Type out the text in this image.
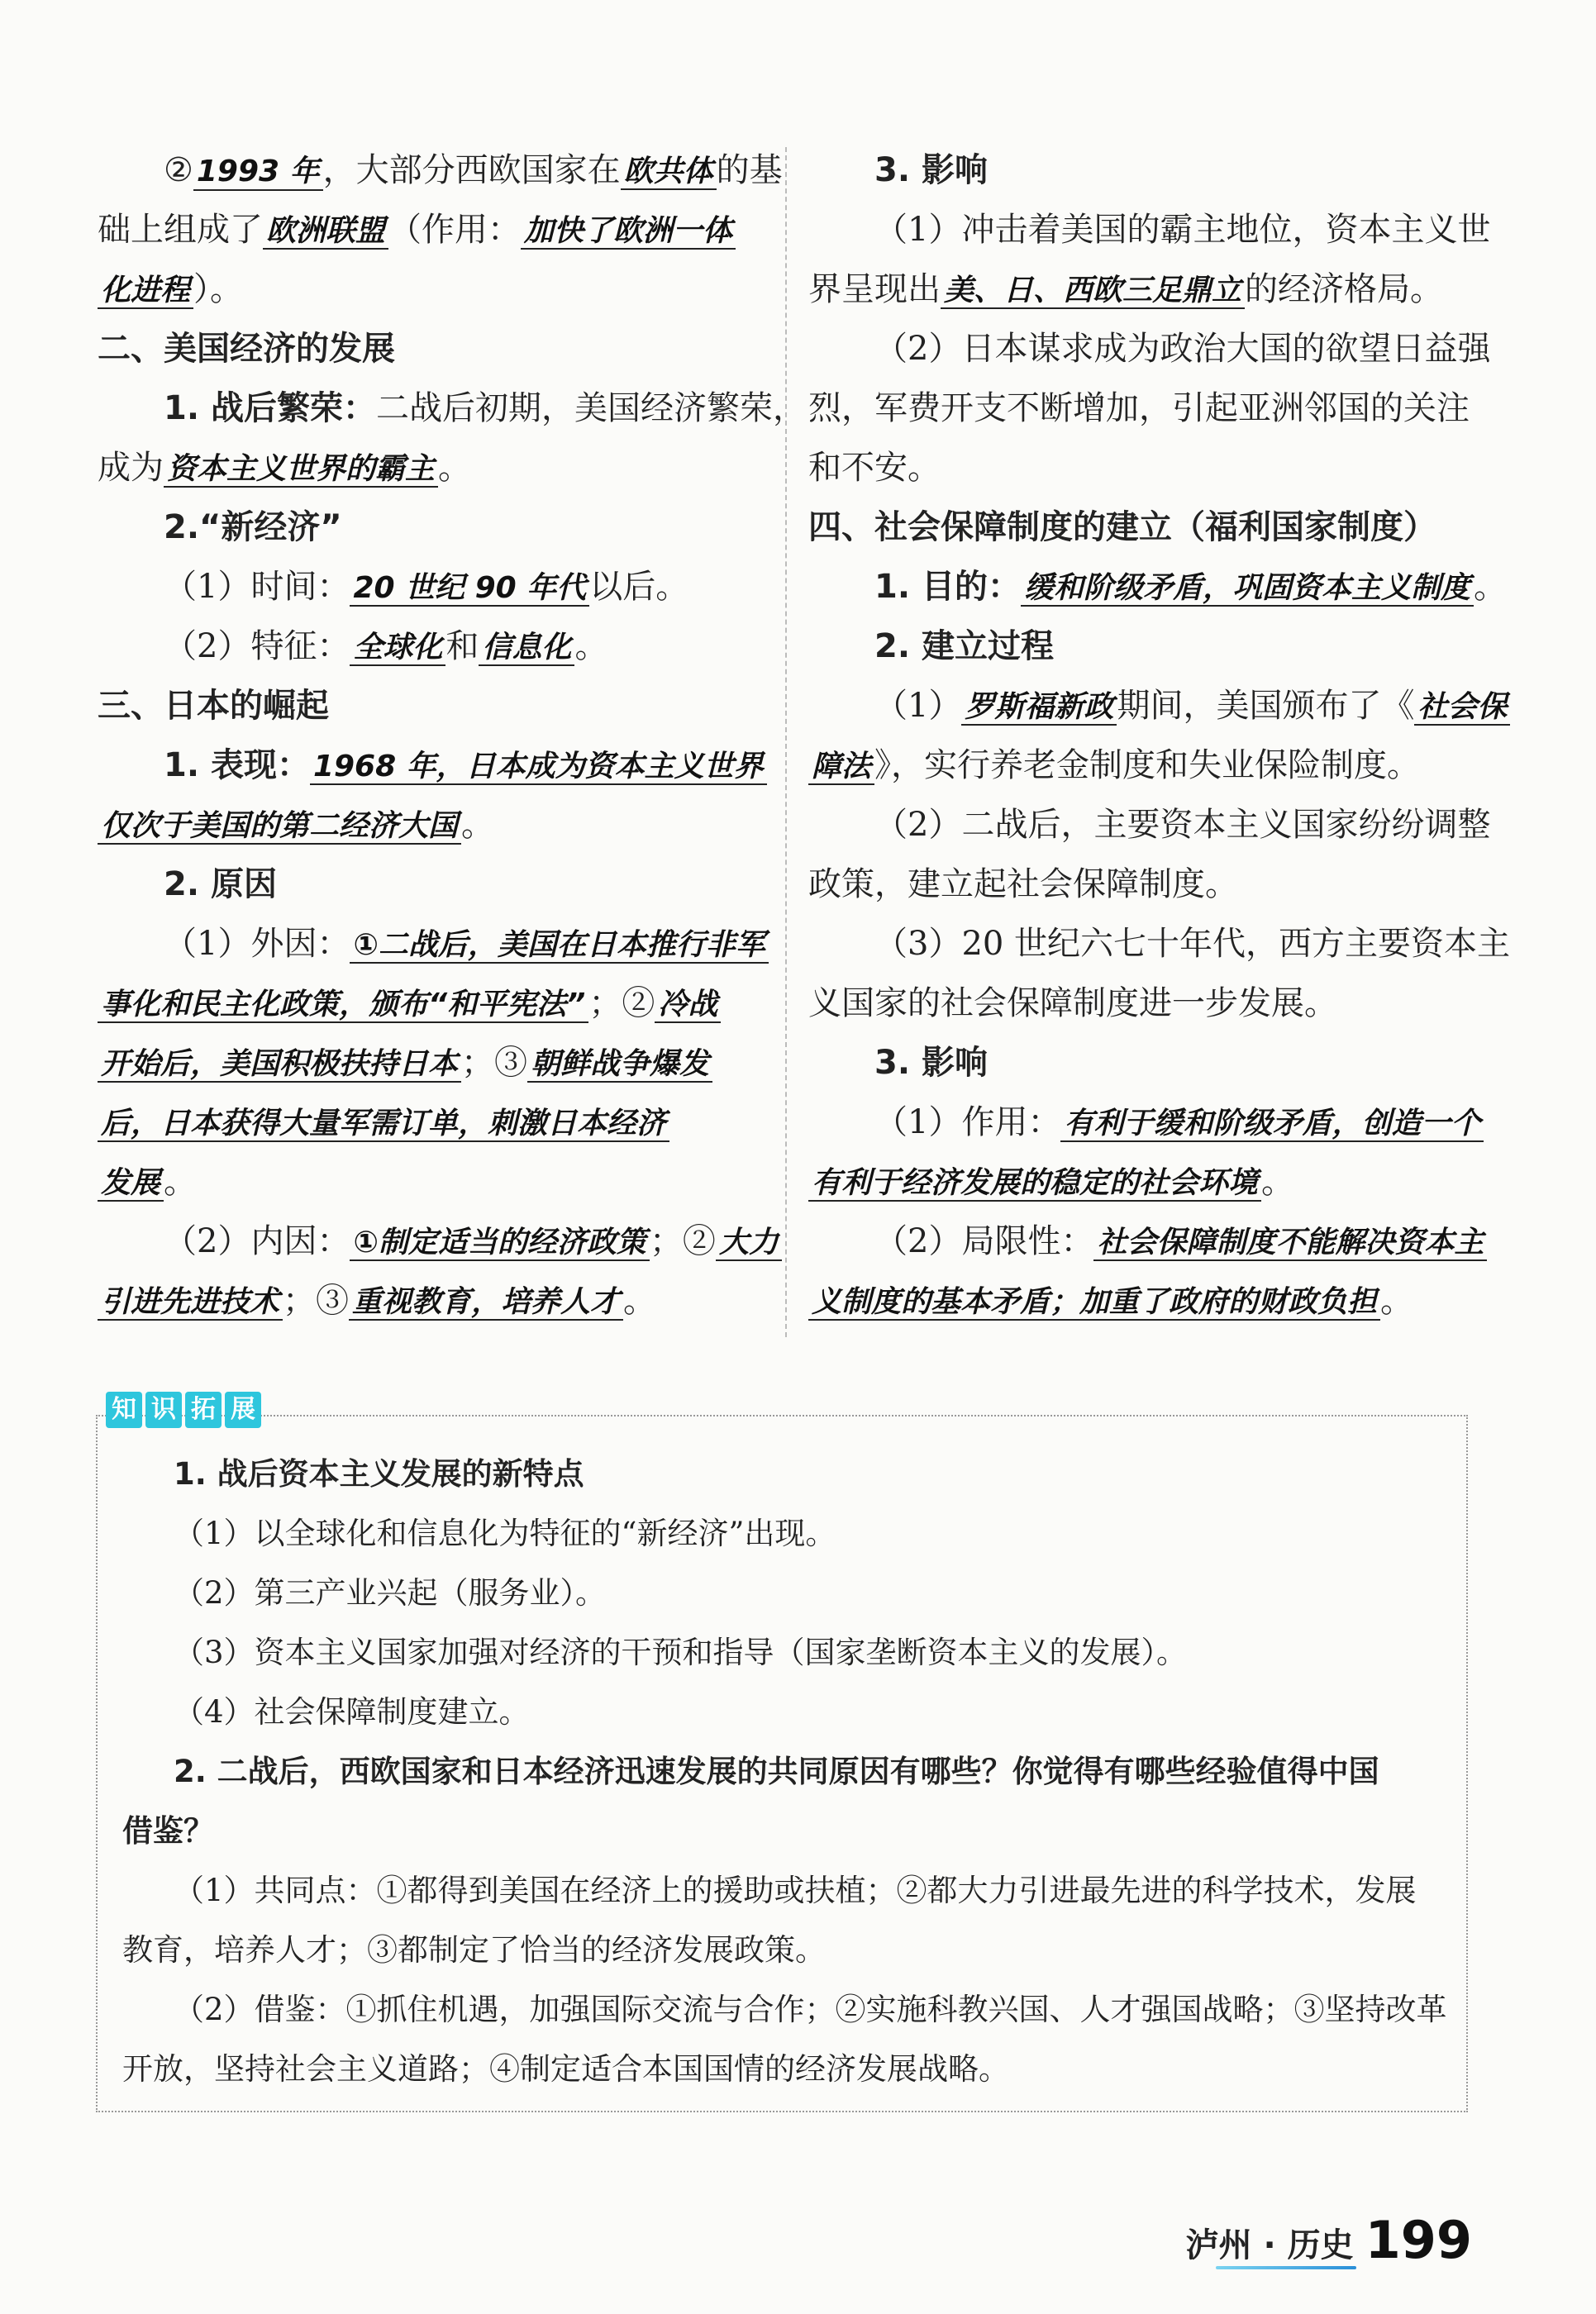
② 1993 年 ，大部分西欧国家在 欧共体 的基
础上组成了 欧洲联盟 （作用： 加快了欧洲一体
化进程 ）。
二、美国经济的发展
1. 战后繁荣：二战后初期，美国经济繁荣，
成为 资本主义世界的霸主 。
2.“新经济”
（1）时间： 20 世纪 90 年代 以后。
（2）特征： 全球化 和 信息化 。
三、日本的崛起
1. 表现： 1968 年，日本成为资本主义世界
仅次于美国的第二经济大国 。
2. 原因
（1）外因： ①二战后，美国在日本推行非军
事化和民主化政策，颁布“和平宪法” ；② 冷战
开始后，美国积极扶持日本 ；③ 朝鲜战争爆发
后，日本获得大量军需订单，刺激日本经济
发展 。
（2）内因： ①制定适当的经济政策 ；② 大力
引进先进技术 ；③ 重视教育，培养人才 。
3. 影响
（1）冲击着美国的霸主地位，资本主义世
界呈现出 美、日、西欧三足鼎立 的经济格局。
（2）日本谋求成为政治大国的欲望日益强
烈，军费开支不断增加，引起亚洲邻国的关注
和不安。
四、社会保障制度的建立（福利国家制度）
1. 目的： 缓和阶级矛盾，巩固资本主义制度 。
2. 建立过程
（1） 罗斯福新政 期间，美国颁布了《 社会保
障法 》，实行养老金制度和失业保险制度。
（2）二战后，主要资本主义国家纷纷调整
政策，建立起社会保障制度。
（3）20 世纪六七十年代，西方主要资本主
义国家的社会保障制度进一步发展。
3. 影响
（1）作用： 有利于缓和阶级矛盾，创造一个
有利于经济发展的稳定的社会环境 。
（2）局限性： 社会保障制度不能解决资本主
义制度的基本矛盾；加重了政府的财政负担 。
知 识 拓 展
1. 战后资本主义发展的新特点
（1）以全球化和信息化为特征的“新经济”出现。
（2）第三产业兴起（服务业）。
（3）资本主义国家加强对经济的干预和指导（国家垄断资本主义的发展）。
（4）社会保障制度建立。
2. 二战后，西欧国家和日本经济迅速发展的共同原因有哪些？你觉得有哪些经验值得中国
借鉴？
（1）共同点：①都得到美国在经济上的援助或扶植；②都大力引进最先进的科学技术，发展
教育，培养人才；③都制定了恰当的经济发展政策。
（2）借鉴：①抓住机遇，加强国际交流与合作；②实施科教兴国、人才强国战略；③坚持改革
开放，坚持社会主义道路；④制定适合本国国情的经济发展战略。
泸州 · 历史 199
